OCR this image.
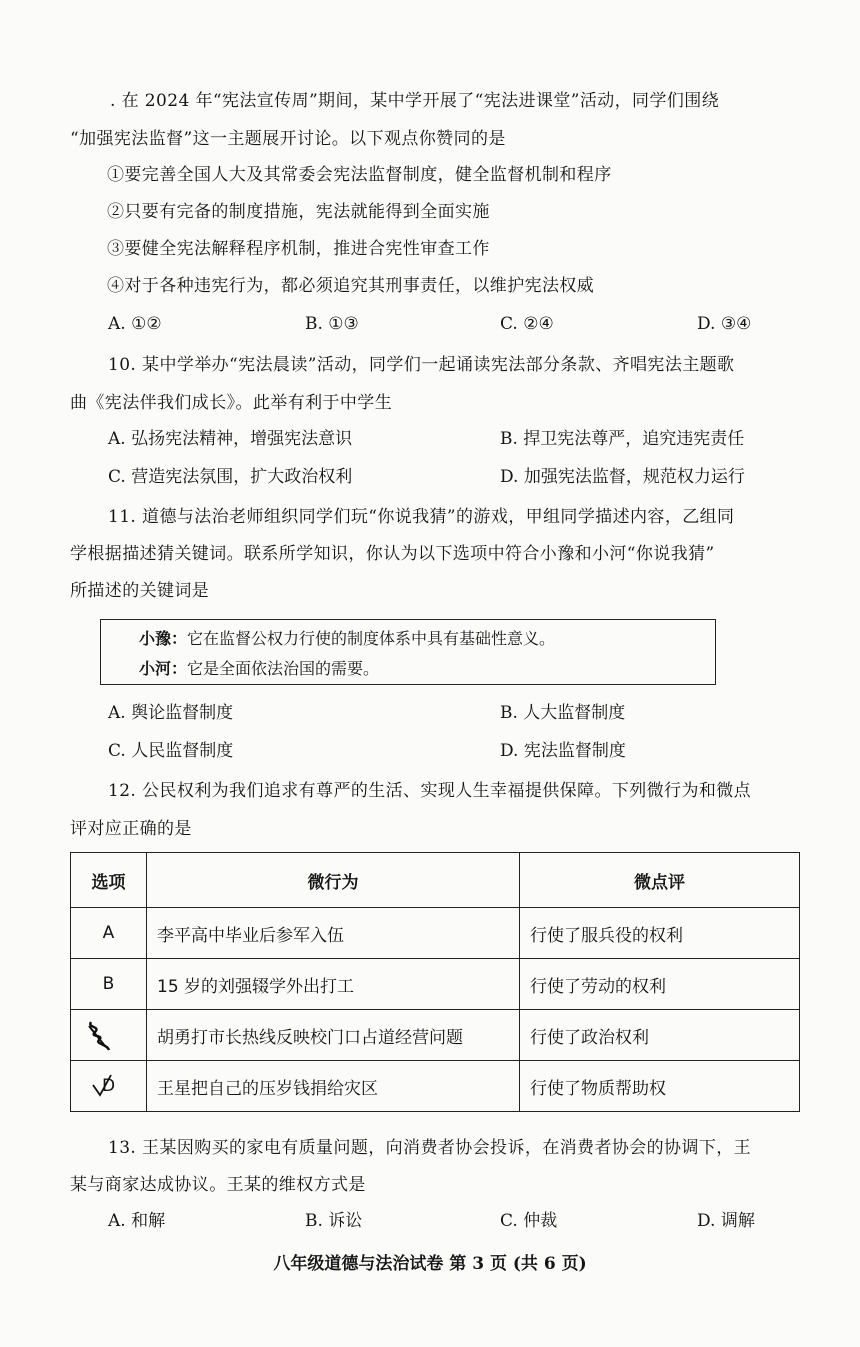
. 在 2024 年“宪法宣传周”期间，某中学开展了“宪法进课堂”活动，同学们围绕
“加强宪法监督”这一主题展开讨论。以下观点你赞同的是
①要完善全国人大及其常委会宪法监督制度，健全监督机制和程序
②只要有完备的制度措施，宪法就能得到全面实施
③要健全宪法解释程序机制，推进合宪性审查工作
④对于各种违宪行为，都必须追究其刑事责任，以维护宪法权威
A. ①②	B. ①③	C. ②④	D. ③④
10. 某中学举办“宪法晨读”活动，同学们一起诵读宪法部分条款、齐唱宪法主题歌
曲《宪法伴我们成长》。此举有利于中学生
A. 弘扬宪法精神，增强宪法意识	B. 捍卫宪法尊严，追究违宪责任
C. 营造宪法氛围，扩大政治权利	D. 加强宪法监督，规范权力运行
11. 道德与法治老师组织同学们玩“你说我猜”的游戏，甲组同学描述内容，乙组同
学根据描述猜关键词。联系所学知识，你认为以下选项中符合小豫和小河“你说我猜”
所描述的关键词是
小豫：它在监督公权力行使的制度体系中具有基础性意义。
小河：它是全面依法治国的需要。
A. 舆论监督制度	B. 人大监督制度
C. 人民监督制度	D. 宪法监督制度
12. 公民权利为我们追求有尊严的生活、实现人生幸福提供保障。下列微行为和微点
评对应正确的是
选项	微行为	微点评
A	李平高中毕业后参军入伍	行使了服兵役的权利
B	15 岁的刘强辍学外出打工	行使了劳动的权利

	胡勇打市长热线反映校门口占道经营问题	行使了政治权利
D	王星把自己的压岁钱捐给灾区	行使了物质帮助权
13. 王某因购买的家电有质量问题，向消费者协会投诉，在消费者协会的协调下，王
某与商家达成协议。王某的维权方式是
A. 和解	B. 诉讼	C. 仲裁	D. 调解
八年级道德与法治试卷 第 3 页 (共 6 页)
